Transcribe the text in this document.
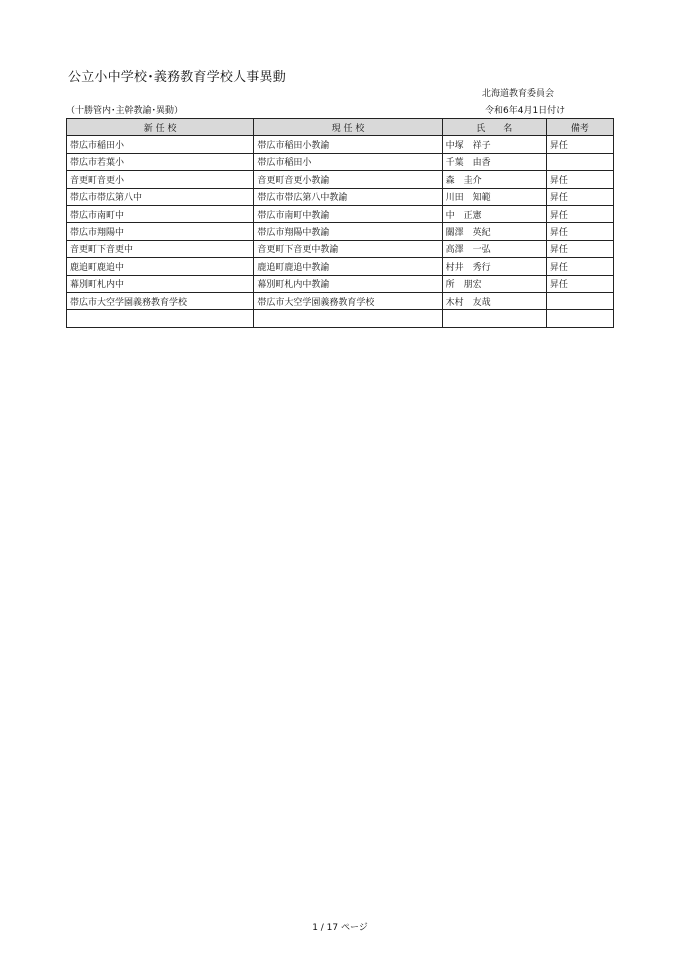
公立小中学校･義務教育学校人事異動
北海道教育委員会
（十勝管内･主幹教諭･異動）	令和6年4月1日付け
新 任 校	現 任 校	氏　　名	備考
帯広市稲田小	帯広市稲田小教諭	中塚　祥子	昇任
帯広市若葉小	帯広市稲田小	千葉　由香	
音更町音更小	音更町音更小教諭	森　圭介	昇任
帯広市帯広第八中	帯広市帯広第八中教諭	川田　知範	昇任
帯広市南町中	帯広市南町中教諭	中　正憲	昇任
帯広市翔陽中	帯広市翔陽中教諭	關澤　英紀	昇任
音更町下音更中	音更町下音更中教諭	高澤　一弘	昇任
鹿追町鹿追中	鹿追町鹿追中教諭	村井　秀行	昇任
幕別町札内中	幕別町札内中教諭	所　朋宏	昇任
帯広市大空学園義務教育学校	帯広市大空学園義務教育学校	木村　友哉	

1 / 17 ページ
